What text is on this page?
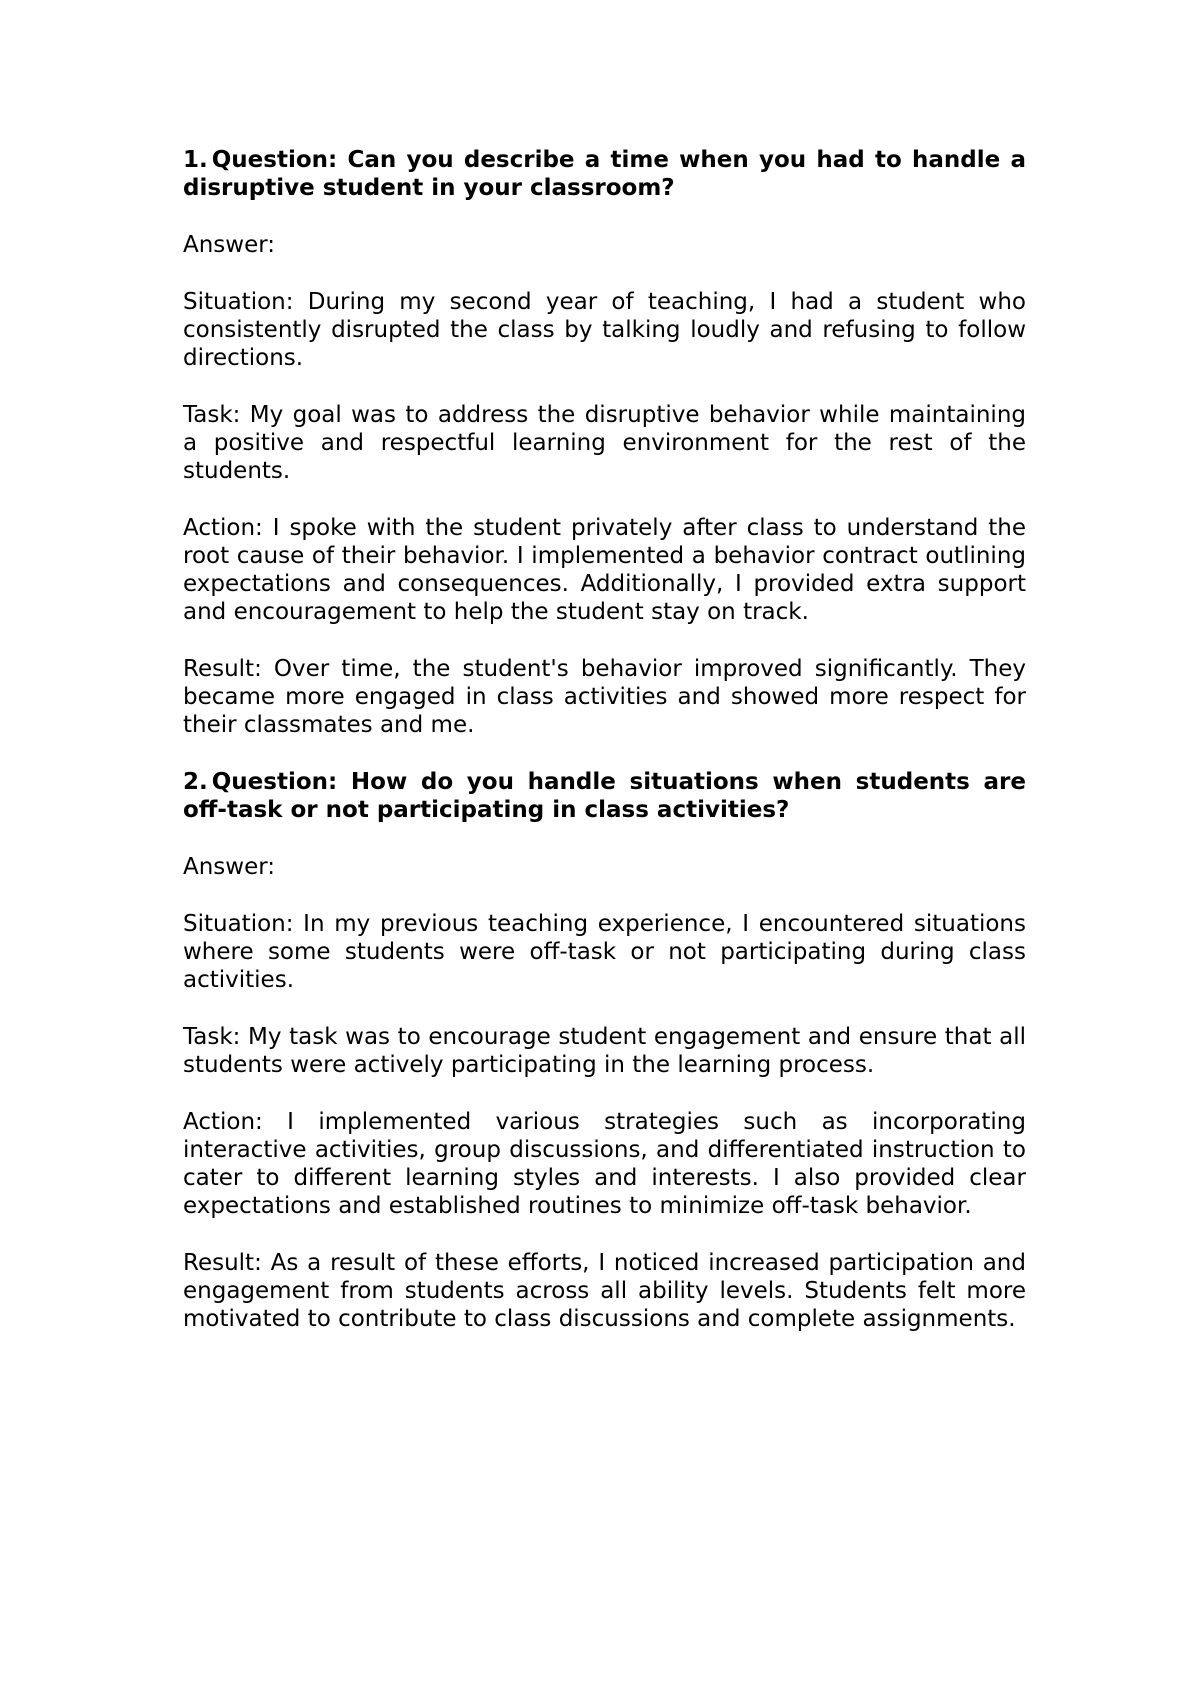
1. Question: Can you describe a time when you had to handle a disruptive student in your classroom?

Answer:

Situation: During my second year of teaching, I had a student who consistently disrupted the class by talking loudly and refusing to follow directions.

Task: My goal was to address the disruptive behavior while maintaining a positive and respectful learning environment for the rest of the students.

Action: I spoke with the student privately after class to understand the root cause of their behavior. I implemented a behavior contract outlining expectations and consequences. Additionally, I provided extra support and encouragement to help the student stay on track.

Result: Over time, the student's behavior improved significantly. They became more engaged in class activities and showed more respect for their classmates and me.

2. Question: How do you handle situations when students are off-task or not participating in class activities?

Answer:

Situation: In my previous teaching experience, I encountered situations where some students were off-task or not participating during class activities.

Task: My task was to encourage student engagement and ensure that all students were actively participating in the learning process.

Action: I implemented various strategies such as incorporating interactive activities, group discussions, and differentiated instruction to cater to different learning styles and interests. I also provided clear expectations and established routines to minimize off-task behavior.

Result: As a result of these efforts, I noticed increased participation and engagement from students across all ability levels. Students felt more motivated to contribute to class discussions and complete assignments.
